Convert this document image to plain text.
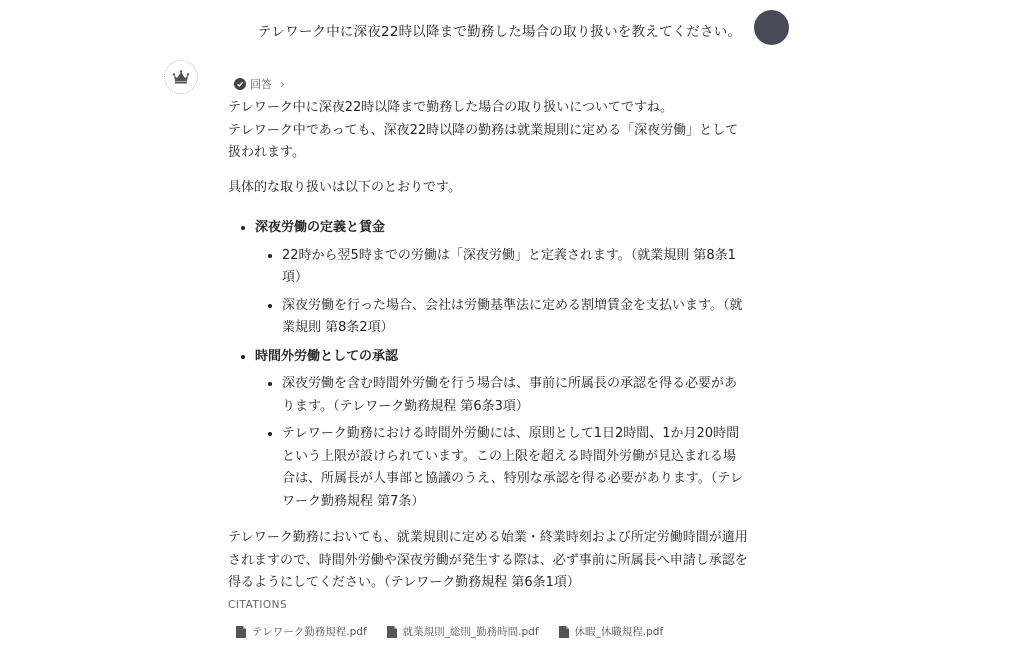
テレワーク中に深夜22時以降まで勤務した場合の取り扱いを教えてください。
回答 ›

テレワーク中に深夜22時以降まで勤務した場合の取り扱いについてですね。

テレワーク中であっても、深夜22時以降の勤務は就業規則に定める「深夜労働」として扱われます。

具体的な取り扱いは以下のとおりです。

深夜労働の定義と賃金
22時から翌5時までの労働は「深夜労働」と定義されます。（就業規則 第8条1項）
深夜労働を行った場合、会社は労働基準法に定める割増賃金を支払います。（就業規則 第8条2項）
時間外労働としての承認
深夜労働を含む時間外労働を行う場合は、事前に所属長の承認を得る必要があります。（テレワーク勤務規程 第6条3項）
テレワーク勤務における時間外労働には、原則として1日2時間、1か月20時間という上限が設けられています。この上限を超える時間外労働が見込まれる場合は、所属長が人事部と協議のうえ、特別な承認を得る必要があります。（テレワーク勤務規程 第7条）

テレワーク勤務においても、就業規則に定める始業・終業時刻および所定労働時間が適用されますので、時間外労働や深夜労働が発生する際は、必ず事前に所属長へ申請し承認を得るようにしてください。（テレワーク勤務規程 第6条1項）

CITATIONS
テレワーク勤務規程.pdf	就業規則_総則_勤務時間.pdf	休暇_休職規程.pdf
